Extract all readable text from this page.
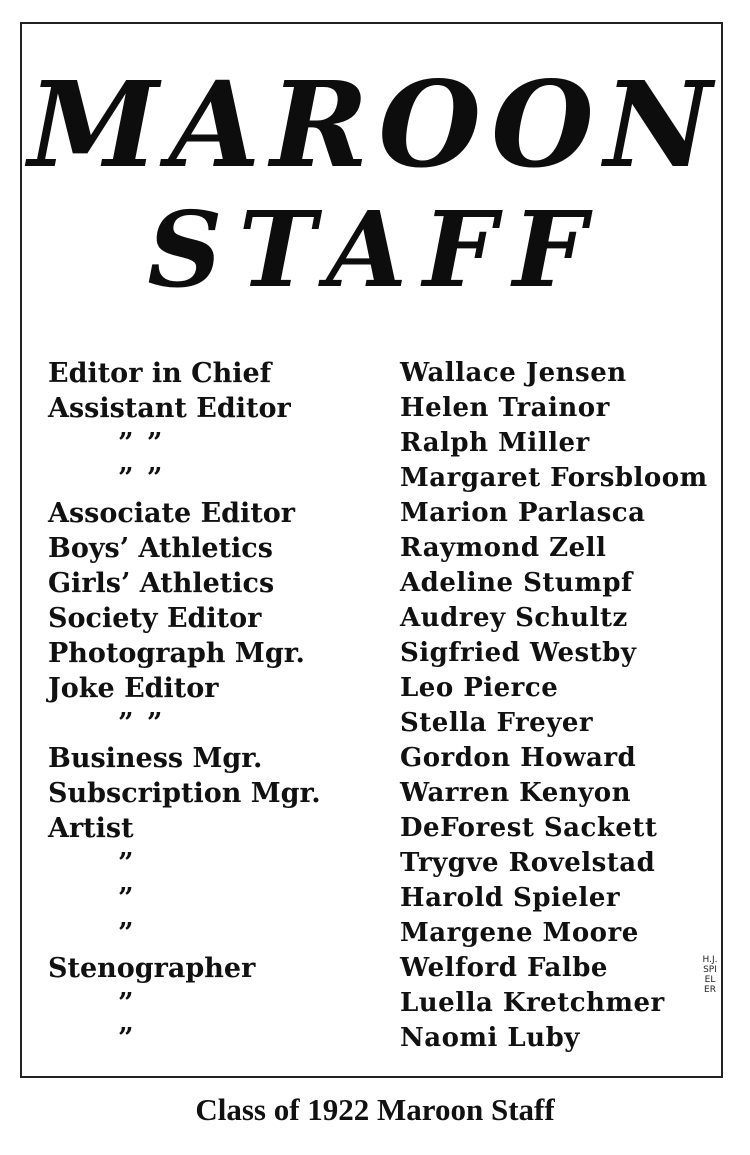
MAROON
STAFF
Editor in Chief	Wallace Jensen
Assistant Editor	Helen Trainor
” ”	Ralph Miller
” ”	Margaret Forsbloom
Associate Editor	Marion Parlasca
Boys’ Athletics	Raymond Zell
Girls’ Athletics	Adeline Stumpf
Society Editor	Audrey Schultz
Photograph Mgr.	Sigfried Westby
Joke Editor	Leo Pierce
” ”	Stella Freyer
Business Mgr.	Gordon Howard
Subscription Mgr.	Warren Kenyon
Artist	DeForest Sackett
”	Trygve Rovelstad
”	Harold Spieler
”	Margene Moore
Stenographer	Welford Falbe
”	Luella Kretchmer
”	Naomi Luby
H.J.SPIELER
Class of 1922 Maroon Staff
